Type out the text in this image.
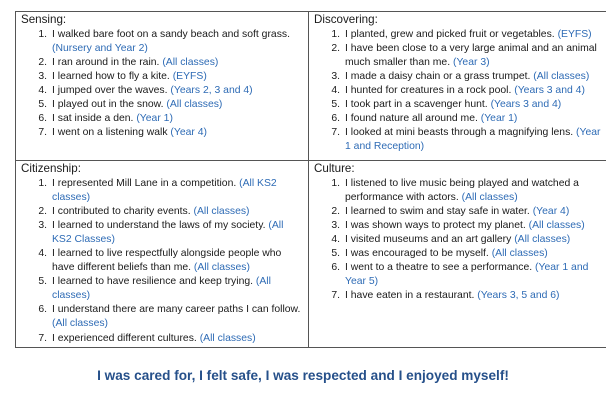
Sensing:
1. I walked bare foot on a sandy beach and soft grass. (Nursery and Year 2)
2. I ran around in the rain. (All classes)
3. I learned how to fly a kite. (EYFS)
4. I jumped over the waves. (Years 2, 3 and 4)
5. I played out in the snow. (All classes)
6. I sat inside a den. (Year 1)
7. I went on a listening walk (Year 4)
Discovering:
1. I planted, grew and picked fruit or vegetables. (EYFS)
2. I have been close to a very large animal and an animal much smaller than me. (Year 3)
3. I made a daisy chain or a grass trumpet. (All classes)
4. I hunted for creatures in a rock pool. (Years 3 and 4)
5. I took part in a scavenger hunt. (Years 3 and 4)
6. I found nature all around me. (Year 1)
7. I looked at mini beasts through a magnifying lens. (Year 1 and Reception)
Citizenship:
1. I represented Mill Lane in a competition. (All KS2 classes)
2. I contributed to charity events. (All classes)
3. I learned to understand the laws of my society. (All KS2 Classes)
4. I learned to live respectfully alongside people who have different beliefs than me. (All classes)
5. I learned to have resilience and keep trying. (All classes)
6. I understand there are many career paths I can follow. (All classes)
7. I experienced different cultures. (All classes)
Culture:
1. I listened to live music being played and watched a performance with actors. (All classes)
2. I learned to swim and stay safe in water. (Year 4)
3. I was shown ways to protect my planet. (All classes)
4. I visited museums and an art gallery (All classes)
5. I was encouraged to be myself. (All classes)
6. I went to a theatre to see a performance. (Year 1 and Year 5)
7. I have eaten in a restaurant. (Years 3, 5 and 6)
I was cared for, I felt safe, I was respected and I enjoyed myself!
